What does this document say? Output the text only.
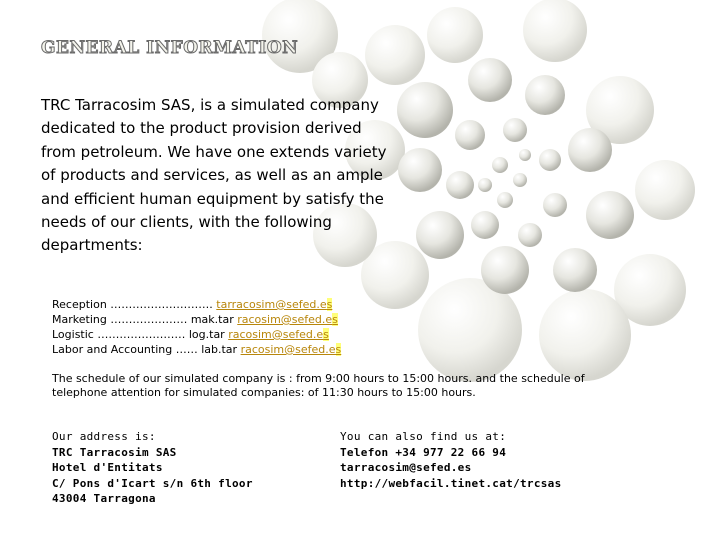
GENERAL INFORMATION

TRC Tarracosim SAS, is a simulated company dedicated to the product provision derived from petroleum. We have one extends variety of products and services, as well as an ample and efficient human equipment by satisfy the needs of our clients, with the following departments:

Reception ………………………. tarracosim@sefed.es
Marketing ………………… mak.tar racosim@sefed.es
Logistic …………………… log.tar racosim@sefed.es
Labor and Accounting …… lab.tar racosim@sefed.es

The schedule of our simulated company is : from 9:00 hours to 15:00 hours. and the schedule of telephone attention for simulated companies: of 11:30 hours to 15:00 hours.

Our address is:
TRC Tarracosim SAS
Hotel d'Entitats
C/ Pons d'Icart s/n 6th floor
43004 Tarragona
You can also find us at:
Telefon +34 977 22 66 94
tarracosim@sefed.es
http://webfacil.tinet.cat/trcsas
